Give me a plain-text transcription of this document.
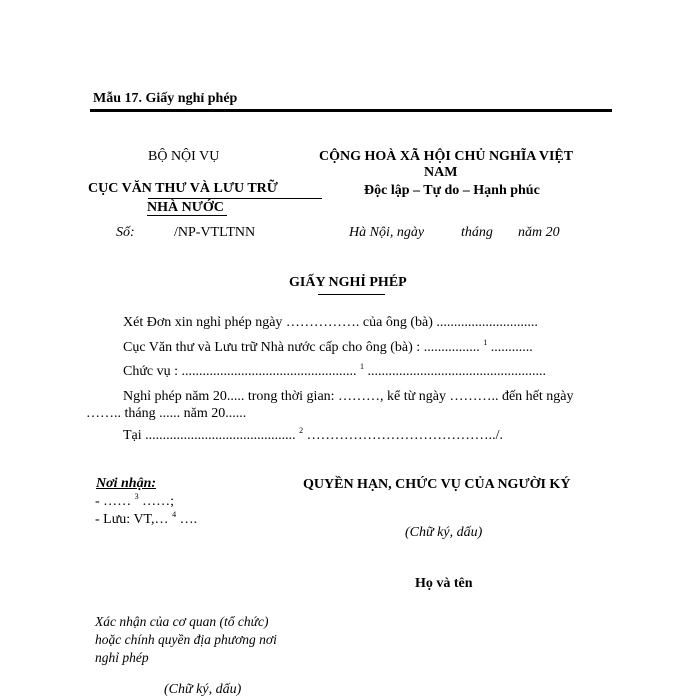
Mẫu 17. Giấy nghỉ phép
BỘ NỘI VỤ
CỤC VĂN THƯ VÀ LƯU TRỮ
NHÀ NƯỚC
Số:	/NP-VTLTNN
CỘNG HOÀ XÃ HỘI CHỦ NGHĨA VIỆT
NAM
Độc lập – Tự do – Hạnh phúc
Hà Nội, ngày	tháng năm 20
GIẤY NGHỈ PHÉP
Xét Đơn xin nghỉ phép ngày ……………. của ông (bà) .............................
Cục Văn thư và Lưu trữ Nhà nước cấp cho ông (bà) : ................ $^1$ ............
Chức vụ : .................................................. $^1$ ...................................................
Nghỉ phép năm 20..... trong thời gian: ………, kể từ ngày ……….. đến hết ngày
…….. tháng ...... năm 20......
Tại ........................................... $^2$ …………………………………../.
Nơi nhận:
- …… $^3$ ……;
- Lưu: VT,… $^4$ ….
QUYỀN HẠN, CHỨC VỤ CỦA NGƯỜI KÝ
(Chữ ký, dấu)
Họ và tên
Xác nhận của cơ quan (tổ chức)
hoặc chính quyền địa phương nơi
nghỉ phép
(Chữ ký, dấu)
